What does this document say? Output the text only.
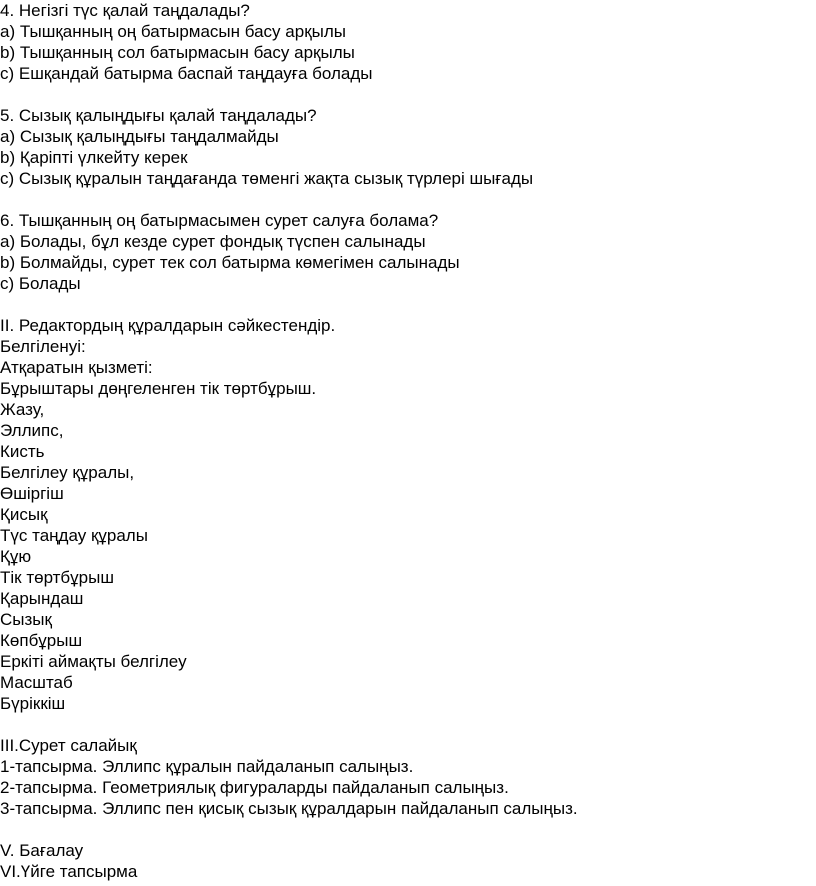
4. Негізгі түс қалай таңдалады?
а) Тышқанның оң батырмасын басу арқылы
b) Тышқанның сол батырмасын басу арқылы
с) Ешқандай батырма баспай таңдауға болады
5. Сызық қалыңдығы қалай таңдалады?
а) Сызық қалыңдығы таңдалмайды
b) Қаріпті үлкейту керек
с) Сызық құралын таңдағанда төменгі жақта сызық түрлері шығады
6. Тышқанның оң батырмасымен сурет салуға болама?
а) Болады, бұл кезде сурет фондық түспен салынады
b) Болмайды, сурет тек сол батырма көмегімен салынады
с) Болады
ІІ. Редактордың құралдарын сәйкестендір.
Белгіленуі:
Атқаратын қызметі:
Бұрыштары дөңгеленген тік төртбұрыш.
Жазу,
Эллипс,
Кисть
Белгілеу құралы,
Өшіргіш
Қисық
Түс таңдау құралы
Құю
Тік төртбұрыш
Қарындаш
Сызық
Көпбұрыш
Еркіті аймақты белгілеу
Масштаб
Бүріккіш
ІІІ.Сурет салайық
1-тапсырма. Эллипс құралын пайдаланып салыңыз.
2-тапсырма. Геометриялық фигураларды пайдаланып салыңыз.
3-тапсырма. Эллипс пен қисық сызық құралдарын пайдаланып салыңыз.
V. Бағалау
VІ.Үйге тапсырма
